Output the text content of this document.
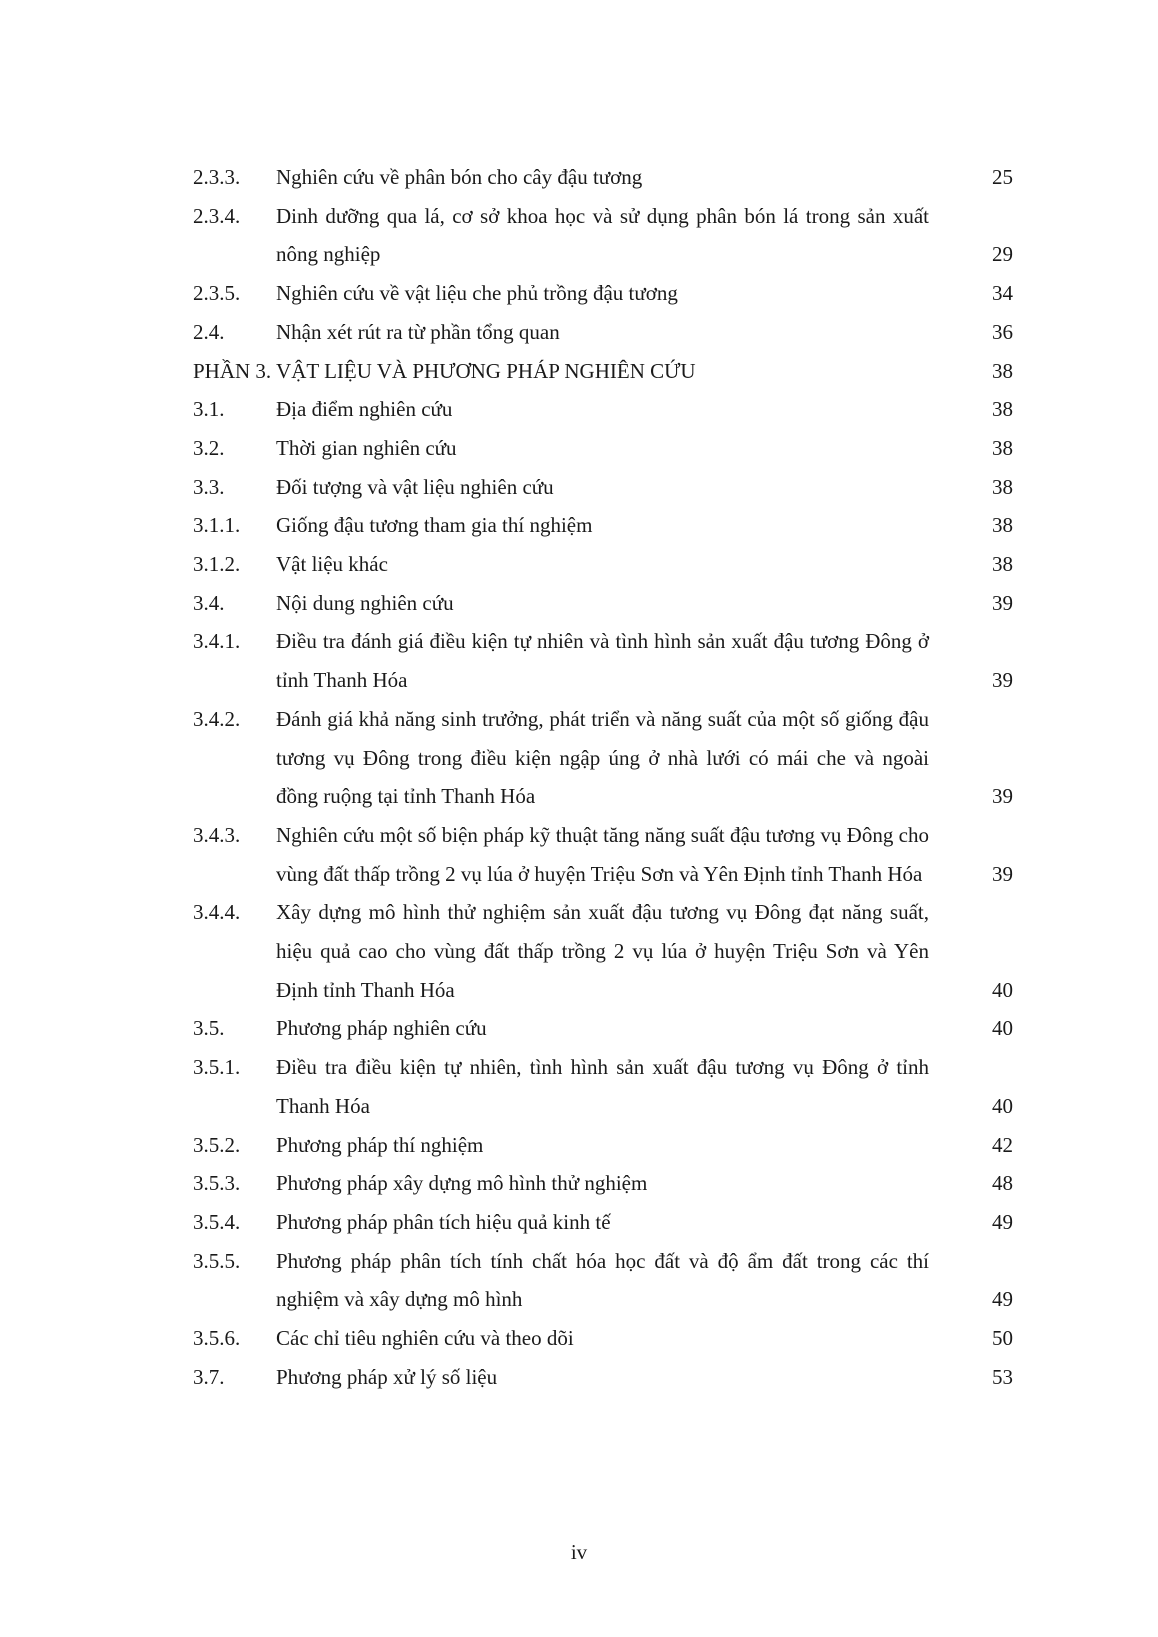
2.3.3. Nghiên cứu về phân bón cho cây đậu tương	25
2.3.4. Dinh dưỡng qua lá, cơ sở khoa học và sử dụng phân bón lá trong sản xuất nông nghiệp	29
2.3.5. Nghiên cứu về vật liệu che phủ trồng đậu tương	34
2.4. Nhận xét rút ra từ phần tổng quan	36
PHẦN 3. VẬT LIỆU VÀ PHƯƠNG PHÁP NGHIÊN CỨU	38
3.1. Địa điểm nghiên cứu	38
3.2. Thời gian nghiên cứu	38
3.3. Đối tượng và vật liệu nghiên cứu	38
3.1.1. Giống đậu tương tham gia thí nghiệm	38
3.1.2. Vật liệu khác	38
3.4. Nội dung nghiên cứu	39
3.4.1. Điều tra đánh giá điều kiện tự nhiên và tình hình sản xuất đậu tương Đông ở tỉnh Thanh Hóa	39
3.4.2. Đánh giá khả năng sinh trưởng, phát triển và năng suất của một số giống đậu tương vụ Đông trong điều kiện ngập úng ở nhà lưới có mái che và ngoài đồng ruộng tại tỉnh Thanh Hóa	39
3.4.3. Nghiên cứu một số biện pháp kỹ thuật tăng năng suất đậu tương vụ Đông cho vùng đất thấp trồng 2 vụ lúa ở huyện Triệu Sơn và Yên Định tỉnh Thanh Hóa	39
3.4.4. Xây dựng mô hình thử nghiệm sản xuất đậu tương vụ Đông đạt năng suất, hiệu quả cao cho vùng đất thấp trồng 2 vụ lúa ở huyện Triệu Sơn và Yên Định tỉnh Thanh Hóa	40
3.5. Phương pháp nghiên cứu	40
3.5.1. Điều tra điều kiện tự nhiên, tình hình sản xuất đậu tương vụ Đông ở tỉnh Thanh Hóa	40
3.5.2. Phương pháp thí nghiệm	42
3.5.3. Phương pháp xây dựng mô hình thử nghiệm	48
3.5.4. Phương pháp phân tích hiệu quả kinh tế	49
3.5.5. Phương pháp phân tích tính chất hóa học đất và độ ẩm đất trong các thí nghiệm và xây dựng mô hình	49
3.5.6. Các chỉ tiêu nghiên cứu và theo dõi	50
3.7. Phương pháp xử lý số liệu	53
iv
